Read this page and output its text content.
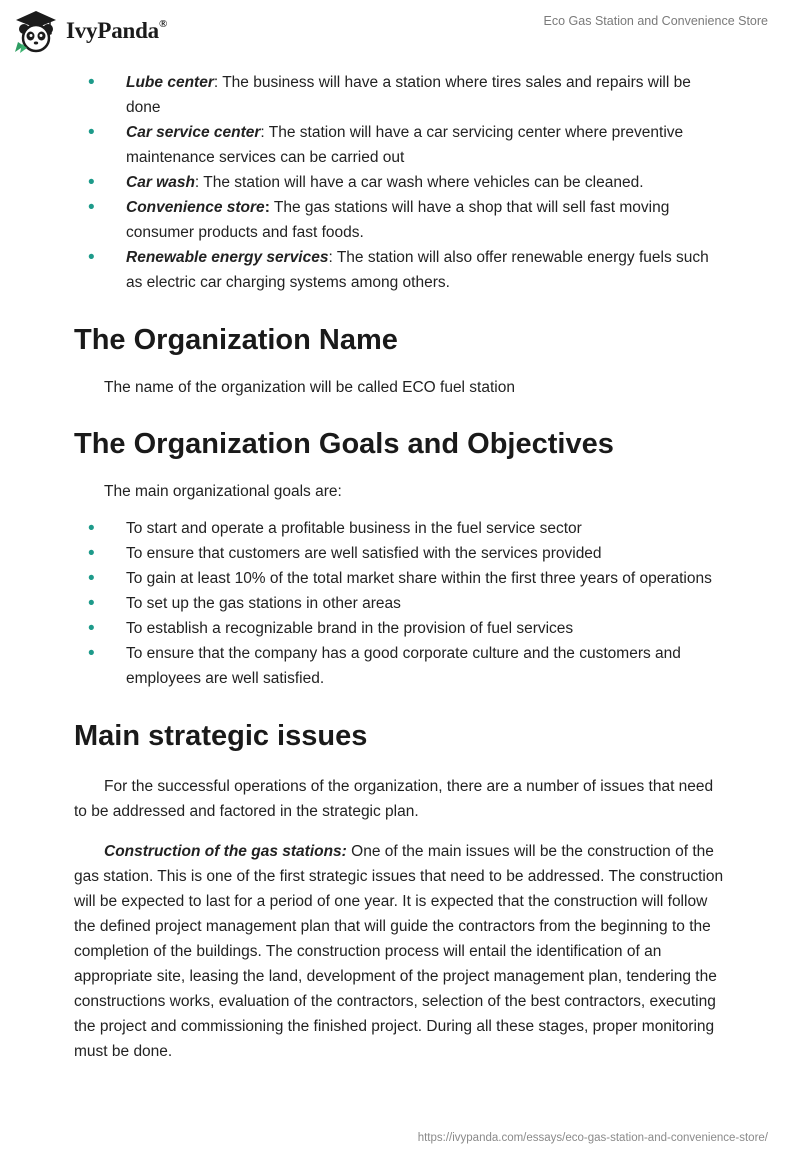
IvyPanda®	Eco Gas Station and Convenience Store
• Lube center: The business will have a station where tires sales and repairs will be done
• Car service center: The station will have a car servicing center where preventive maintenance services can be carried out
• Car wash: The station will have a car wash where vehicles can be cleaned.
• Convenience store: The gas stations will have a shop that will sell fast moving consumer products and fast foods.
• Renewable energy services: The station will also offer renewable energy fuels such as electric car charging systems among others.
The Organization Name

The name of the organization will be called ECO fuel station

The Organization Goals and Objectives

The main organizational goals are:

• To start and operate a profitable business in the fuel service sector
• To ensure that customers are well satisfied with the services provided
• To gain at least 10% of the total market share within the first three years of operations
• To set up the gas stations in other areas
• To establish a recognizable brand in the provision of fuel services
• To ensure that the company has a good corporate culture and the customers and employees are well satisfied.
Main strategic issues

For the successful operations of the organization, there are a number of issues that need to be addressed and factored in the strategic plan.

Construction of the gas stations: One of the main issues will be the construction of the gas station. This is one of the first strategic issues that need to be addressed. The construction will be expected to last for a period of one year. It is expected that the construction will follow the defined project management plan that will guide the contractors from the beginning to the completion of the buildings. The construction process will entail the identification of an appropriate site, leasing the land, development of the project management plan, tendering the constructions works, evaluation of the contractors, selection of the best contractors, executing the project and commissioning the finished project. During all these stages, proper monitoring must be done.

https://ivypanda.com/essays/eco-gas-station-and-convenience-store/
